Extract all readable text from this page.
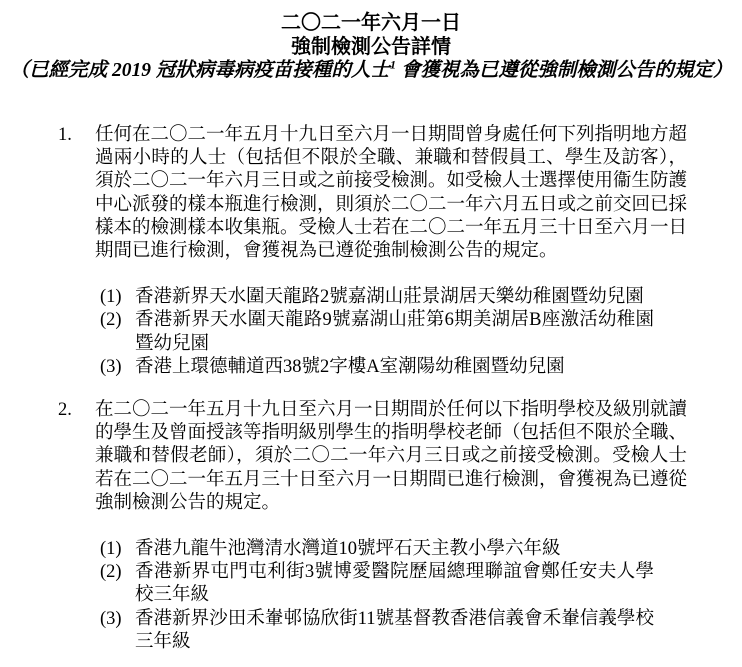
二〇二一年六月一日
強制檢測公告詳情
（已經完成 2019 冠狀病毒病疫苗接種的人士$^1$ 會獲視為已遵從強制檢測公告的規定）
1.	任何在二〇二一年五月十九日至六月一日期間曾身處任何下列指明地方超過兩小時的人士（包括但不限於全職、兼職和替假員工、學生及訪客），須於二〇二一年六月三日或之前接受檢測。如受檢人士選擇使用衞生防護中心派發的樣本瓶進行檢測，則須於二〇二一年六月五日或之前交回已採樣本的檢測樣本收集瓶。受檢人士若在二〇二一年五月三十日至六月一日期間已進行檢測，會獲視為已遵從強制檢測公告的規定。
(1) 香港新界天水圍天龍路2號嘉湖山莊景湖居天樂幼稚園暨幼兒園
(2) 香港新界天水圍天龍路9號嘉湖山莊第6期美湖居B座激活幼稚園暨幼兒園
(3) 香港上環德輔道西38號2字樓A室潮陽幼稚園暨幼兒園
2.	在二〇二一年五月十九日至六月一日期間於任何以下指明學校及級別就讀的學生及曾面授該等指明級別學生的指明學校老師（包括但不限於全職、兼職和替假老師），須於二〇二一年六月三日或之前接受檢測。受檢人士若在二〇二一年五月三十日至六月一日期間已進行檢測，會獲視為已遵從強制檢測公告的規定。
(1) 香港九龍牛池灣清水灣道10號坪石天主教小學六年級
(2) 香港新界屯門屯利街3號博愛醫院歷屆總理聯誼會鄭任安夫人學校三年級
(3) 香港新界沙田禾輋邨協欣街11號基督教香港信義會禾輋信義學校三年級
